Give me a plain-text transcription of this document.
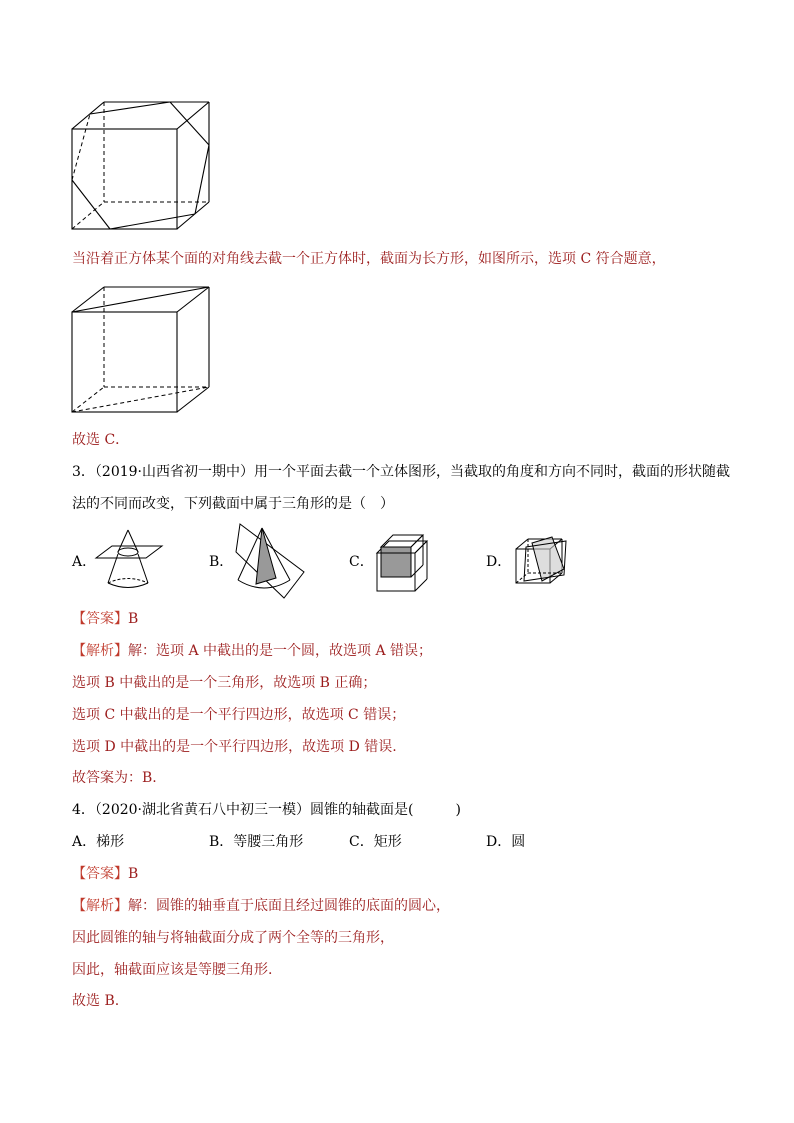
当沿着正方体某个面的对角线去截一个正方体时，截面为长方形，如图所示，选项 C 符合题意，
故选 C．
3．（2019·山西省初一期中）用一个平面去截一个立体图形，当截取的角度和方向不同时，截面的形状随截
法的不同而改变，下列截面中属于三角形的是（　）
A．	B．	C．	D．
【答案】B
【解析】解：选项 A 中截出的是一个圆，故选项 A 错误；
选项 B 中截出的是一个三角形，故选项 B 正确；
选项 C 中截出的是一个平行四边形，故选项 C 错误；
选项 D 中截出的是一个平行四边形，故选项 D 错误.
故答案为：B.
4．（2020·湖北省黄石八中初三一模）圆锥的轴截面是(　　　)
A．梯形	B．等腰三角形	C．矩形	D．圆
【答案】B
【解析】解：圆锥的轴垂直于底面且经过圆锥的底面的圆心，
因此圆锥的轴与将轴截面分成了两个全等的三角形，
因此，轴截面应该是等腰三角形.
故选 B.
